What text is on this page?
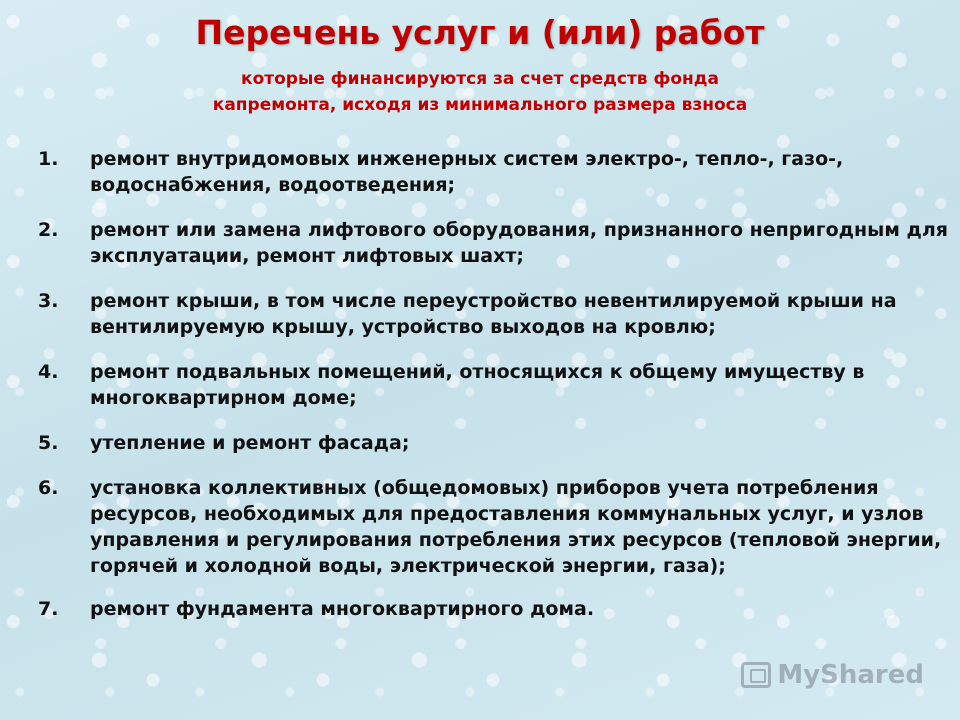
Перечень услуг и (или) работ
которые финансируются за счет средств фонда капремонта, исходя из минимального размера взноса
1.	ремонт внутридомовых инженерных систем электро-, тепло-, газо-, водоснабжения, водоотведения;
2.	ремонт или замена лифтового оборудования, признанного непригодным для эксплуатации, ремонт лифтовых шахт;
3.	ремонт крыши, в том числе переустройство невентилируемой крыши на вентилируемую крышу, устройство выходов на кровлю;
4.	ремонт подвальных помещений, относящихся к общему имуществу в многоквартирном доме;
5.	утепление и ремонт фасада;
6.	установка коллективных (общедомовых) приборов учета потребления ресурсов, необходимых для предоставления коммунальных услуг, и узлов управления и регулирования потребления этих ресурсов (тепловой энергии, горячей и холодной воды, электрической энергии, газа);
7.	ремонт фундамента многоквартирного дома.
MyShared
